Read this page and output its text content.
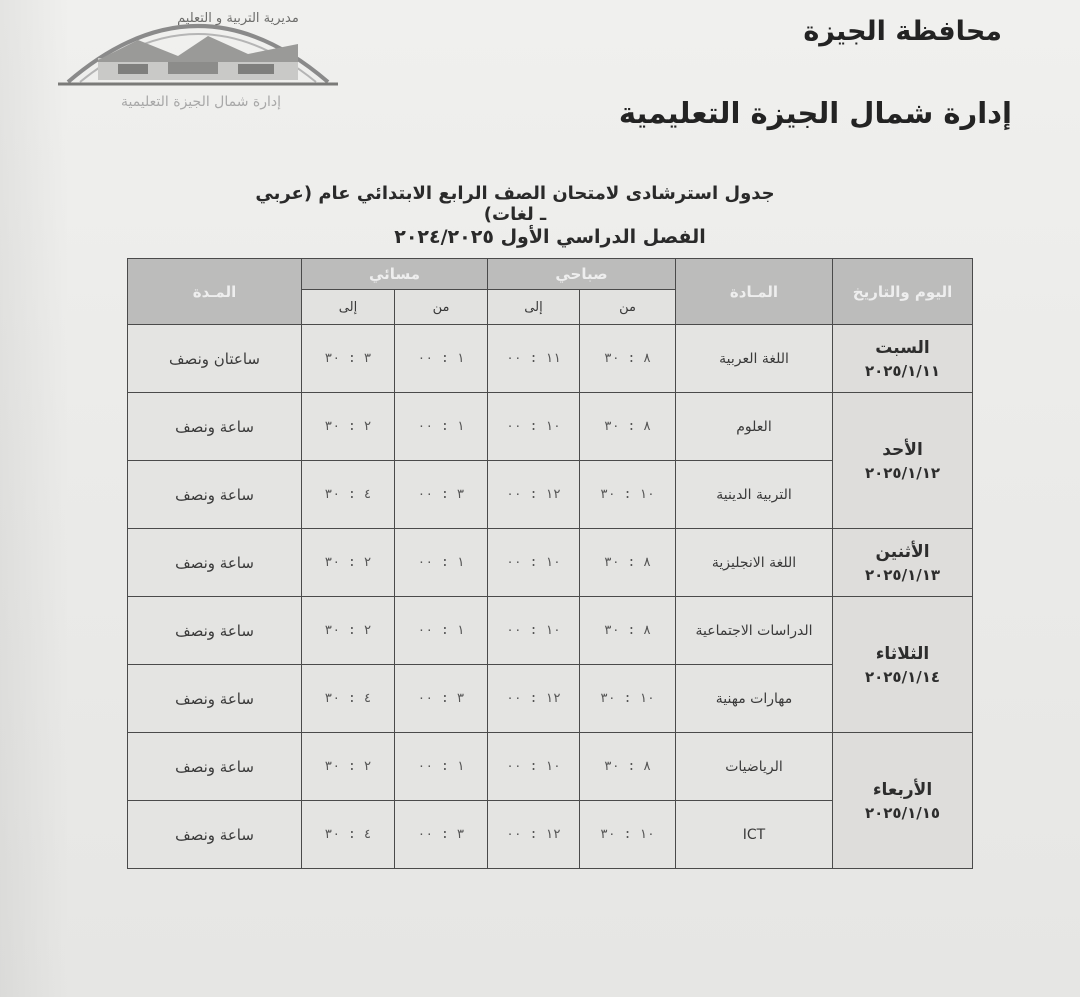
مديرية التربية و التعليم
إدارة شمال الجيزة التعليمية
محافظة الجيزة
إدارة شمال الجيزة التعليمية
جدول استرشادى لامتحان الصف الرابع الابتدائي عام (عربي ـ لغات)
الفصل الدراسي الأول ٢٠٢٤/٢٠٢٥
اليوم والتاريخ	المـادة	صباحي		مسائي		المـدة
		من	إلى	من	إلى	

السبت
٢٠٢٥/١/١١	اللغة العربية	٨ : ٣٠	١١ : ٠٠	١ : ٠٠	٣ : ٣٠	ساعتان ونصف

الأحد
٢٠٢٥/١/١٢	العلوم	٨ : ٣٠	١٠ : ٠٠	١ : ٠٠	٢ : ٣٠	ساعة ونصف
	التربية الدينية	١٠ : ٣٠	١٢ : ٠٠	٣ : ٠٠	٤ : ٣٠	ساعة ونصف

الأثنين
٢٠٢٥/١/١٣	اللغة الانجليزية	٨ : ٣٠	١٠ : ٠٠	١ : ٠٠	٢ : ٣٠	ساعة ونصف

الثلاثاء
٢٠٢٥/١/١٤	الدراسات الاجتماعية	٨ : ٣٠	١٠ : ٠٠	١ : ٠٠	٢ : ٣٠	ساعة ونصف
	مهارات مهنية	١٠ : ٣٠	١٢ : ٠٠	٣ : ٠٠	٤ : ٣٠	ساعة ونصف

الأربعاء
٢٠٢٥/١/١٥	الرياضيات	٨ : ٣٠	١٠ : ٠٠	١ : ٠٠	٢ : ٣٠	ساعة ونصف
	ICT	١٠ : ٣٠	١٢ : ٠٠	٣ : ٠٠	٤ : ٣٠	ساعة ونصف
